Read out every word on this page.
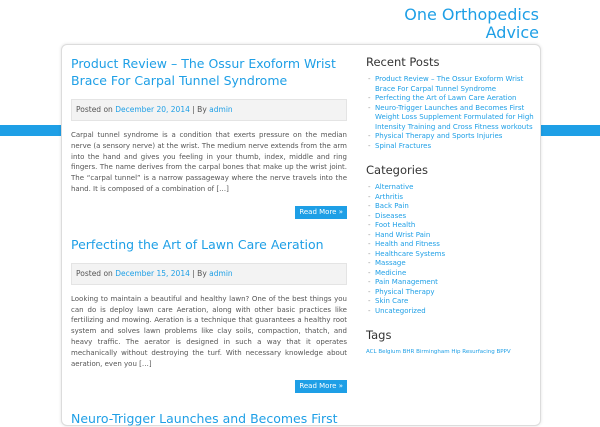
One Orthopedics Advice
Product Review – The Ossur Exoform Wrist Brace For Carpal Tunnel Syndrome
Posted on December 20, 2014 | By admin
Carpal tunnel syndrome is a condition that exerts pressure on the median nerve (a sensory nerve) at the wrist. The medium nerve extends from the arm into the hand and gives you feeling in your thumb, index, middle and ring fingers. The name derives from the carpal bones that make up the wrist joint. The “carpal tunnel” is a narrow passageway where the nerve travels into the hand. It is composed of a combination of […]
Read More »
Perfecting the Art of Lawn Care Aeration
Posted on December 15, 2014 | By admin
Looking to maintain a beautiful and healthy lawn? One of the best things you can do is deploy lawn care Aeration, along with other basic practices like fertilizing and mowing. Aeration is a technique that guarantees a healthy root system and solves lawn problems like clay soils, compaction, thatch, and heavy traffic. The aerator is designed in such a way that it operates mechanically without destroying the turf. With necessary knowledge about aeration, even you […]
Read More »
Neuro-Trigger Launches and Becomes First
Recent Posts
- Product Review – The Ossur Exoform Wrist Brace For Carpal Tunnel Syndrome
- Perfecting the Art of Lawn Care Aeration
- Neuro-Trigger Launches and Becomes First Weight Loss Supplement Formulated for High Intensity Training and Cross Fitness workouts
- Physical Therapy and Sports Injuries
- Spinal Fractures
Categories
- Alternative
- Arthritis
- Back Pain
- Diseases
- Foot Health
- Hand Wrist Pain
- Health and Fitness
- Healthcare Systems
- Massage
- Medicine
- Pain Management
- Physical Therapy
- Skin Care
- Uncategorized
Tags
ACL Belgium BHR Birmingham Hip Resurfacing BPPV
